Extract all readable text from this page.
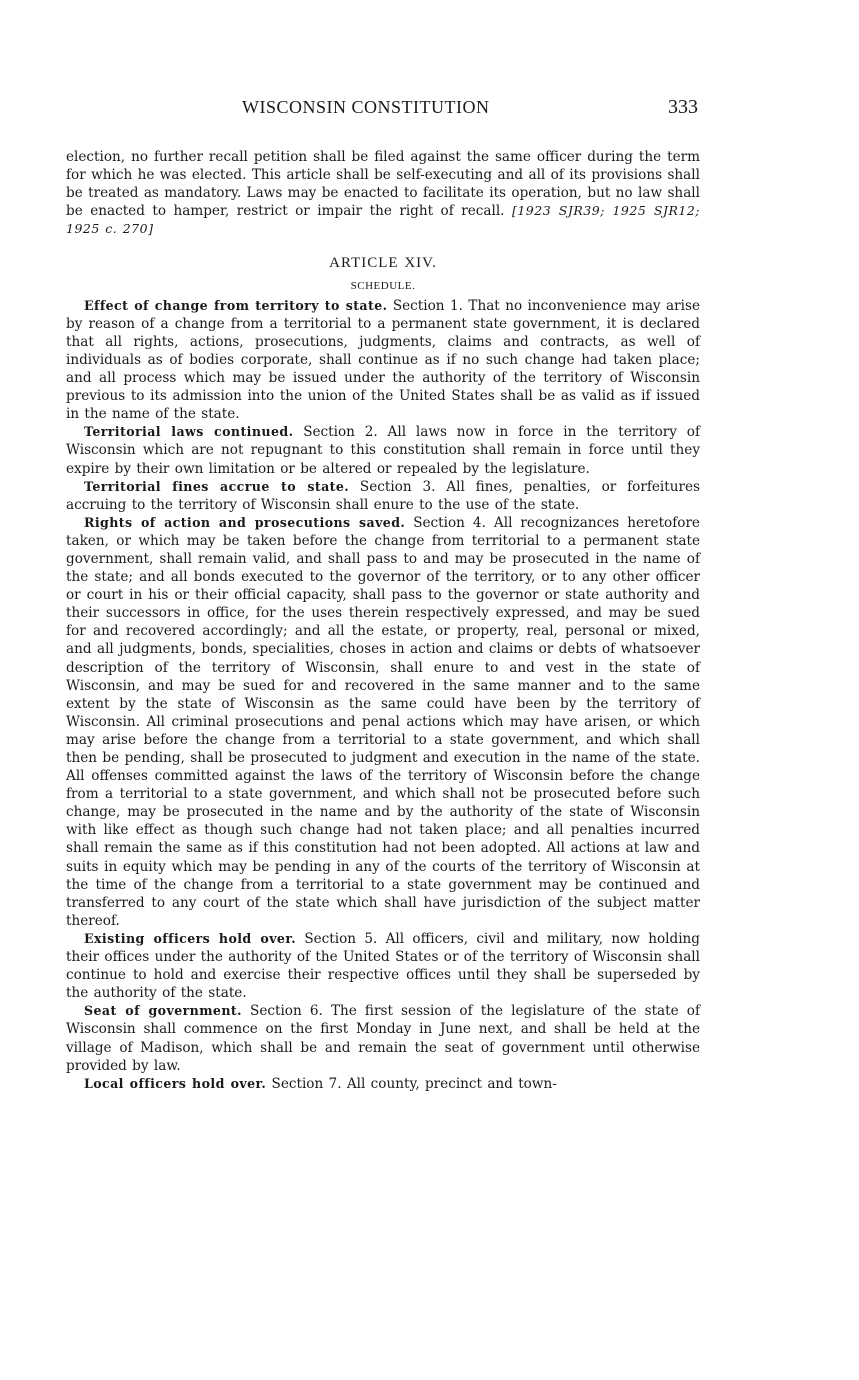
WISCONSIN CONSTITUTION	333

election, no further recall petition shall be filed against the same officer during the term for which he was elected. This article shall be self-executing and all of its provisions shall be treated as mandatory. Laws may be enacted to facilitate its operation, but no law shall be enacted to hamper, restrict or impair the right of recall. [1923 SJR39; 1925 SJR12; 1925 c. 270]

ARTICLE XIV.
SCHEDULE.

Effect of change from territory to state. Section 1. That no inconvenience may arise by reason of a change from a territorial to a permanent state government, it is declared that all rights, actions, prosecutions, judgments, claims and contracts, as well of individuals as of bodies corporate, shall continue as if no such change had taken place; and all process which may be issued under the authority of the territory of Wisconsin previous to its admission into the union of the United States shall be as valid as if issued in the name of the state.

Territorial laws continued. Section 2. All laws now in force in the territory of Wisconsin which are not repugnant to this constitution shall remain in force until they expire by their own limitation or be altered or repealed by the legislature.

Territorial fines accrue to state. Section 3. All fines, penalties, or forfeitures accruing to the territory of Wisconsin shall enure to the use of the state.

Rights of action and prosecutions saved. Section 4. All recognizances heretofore taken, or which may be taken before the change from territorial to a permanent state government, shall remain valid, and shall pass to and may be prosecuted in the name of the state; and all bonds executed to the governor of the territory, or to any other officer or court in his or their official capacity, shall pass to the governor or state authority and their successors in office, for the uses therein respectively expressed, and may be sued for and recovered accordingly; and all the estate, or property, real, personal or mixed, and all judgments, bonds, specialities, choses in action and claims or debts of whatsoever description of the territory of Wisconsin, shall enure to and vest in the state of Wisconsin, and may be sued for and recovered in the same manner and to the same extent by the state of Wisconsin as the same could have been by the territory of Wisconsin. All criminal prosecutions and penal actions which may have arisen, or which may arise before the change from a territorial to a state government, and which shall then be pending, shall be prosecuted to judgment and execution in the name of the state. All offenses committed against the laws of the territory of Wisconsin before the change from a territorial to a state government, and which shall not be prosecuted before such change, may be prosecuted in the name and by the authority of the state of Wisconsin with like effect as though such change had not taken place; and all penalties incurred shall remain the same as if this constitution had not been adopted. All actions at law and suits in equity which may be pending in any of the courts of the territory of Wisconsin at the time of the change from a territorial to a state government may be continued and transferred to any court of the state which shall have jurisdiction of the subject matter thereof.

Existing officers hold over. Section 5. All officers, civil and military, now holding their offices under the authority of the United States or of the territory of Wisconsin shall continue to hold and exercise their respective offices until they shall be superseded by the authority of the state.

Seat of government. Section 6. The first session of the legislature of the state of Wisconsin shall commence on the first Monday in June next, and shall be held at the village of Madison, which shall be and remain the seat of government until otherwise provided by law.

Local officers hold over. Section 7. All county, precinct and town-
